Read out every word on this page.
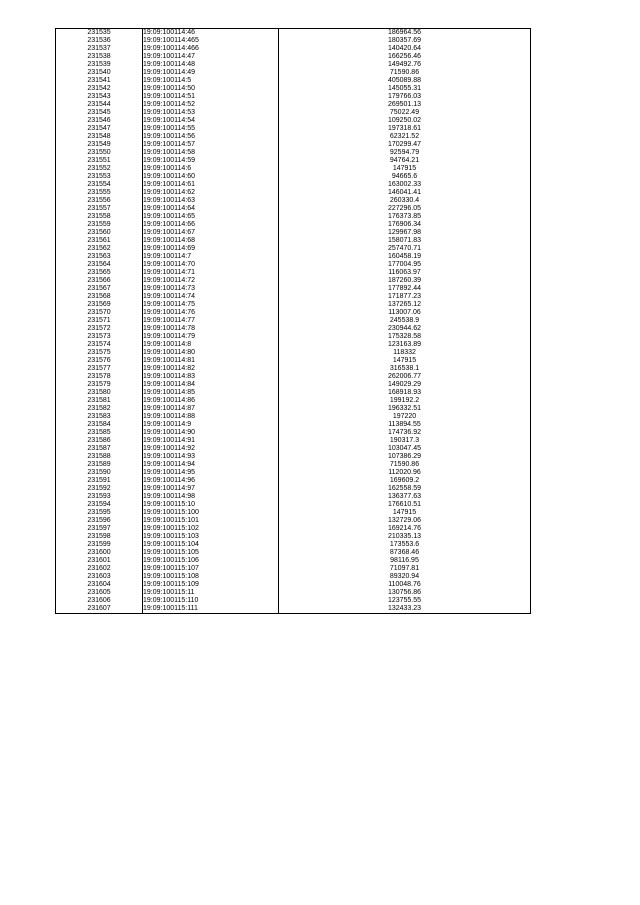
231535	19:09:100114:46	186964.56
231536	19:09:100114:465	180357.69
231537	19:09:100114:466	140420.64
231538	19:09:100114:47	166256.46
231539	19:09:100114:48	149492.76
231540	19:09:100114:49	71590.86
231541	19:09:100114:5	405089.88
231542	19:09:100114:50	145055.31
231543	19:09:100114:51	179766.03
231544	19:09:100114:52	269501.13
231545	19:09:100114:53	75022.49
231546	19:09:100114:54	109250.02
231547	19:09:100114:55	197318.61
231548	19:09:100114:56	62321.52
231549	19:09:100114:57	170299.47
231550	19:09:100114:58	92594.79
231551	19:09:100114:59	94764.21
231552	19:09:100114:6	147915
231553	19:09:100114:60	94665.6
231554	19:09:100114:61	163002.33
231555	19:09:100114:62	146041.41
231556	19:09:100114:63	260330.4
231557	19:09:100114:64	227296.05
231558	19:09:100114:65	176373.85
231559	19:09:100114:66	176906.34
231560	19:09:100114:67	129967.98
231561	19:09:100114:68	158071.83
231562	19:09:100114:69	257470.71
231563	19:09:100114:7	160458.19
231564	19:09:100114:70	177004.95
231565	19:09:100114:71	116063.97
231566	19:09:100114:72	187260.39
231567	19:09:100114:73	177892.44
231568	19:09:100114:74	171877.23
231569	19:09:100114:75	137265.12
231570	19:09:100114:76	113007.06
231571	19:09:100114:77	245538.9
231572	19:09:100114:78	230944.62
231573	19:09:100114:79	175328.58
231574	19:09:100114:8	123163.89
231575	19:09:100114:80	118332
231576	19:09:100114:81	147915
231577	19:09:100114:82	316538.1
231578	19:09:100114:83	262006.77
231579	19:09:100114:84	149029.29
231580	19:09:100114:85	168918.93
231581	19:09:100114:86	199192.2
231582	19:09:100114:87	196332.51
231583	19:09:100114:88	197220
231584	19:09:100114:9	113894.55
231585	19:09:100114:90	174736.92
231586	19:09:100114:91	190317.3
231587	19:09:100114:92	103047.45
231588	19:09:100114:93	107386.29
231589	19:09:100114:94	71590.86
231590	19:09:100114:95	112020.96
231591	19:09:100114:96	169609.2
231592	19:09:100114:97	162558.59
231593	19:09:100114:98	136377.63
231594	19:09:100115:10	176610.51
231595	19:09:100115:100	147915
231596	19:09:100115:101	132729.06
231597	19:09:100115:102	169214.76
231598	19:09:100115:103	210335.13
231599	19:09:100115:104	173553.6
231600	19:09:100115:105	87368.46
231601	19:09:100115:106	98116.95
231602	19:09:100115:107	71097.81
231603	19:09:100115:108	89320.94
231604	19:09:100115:109	110048.76
231605	19:09:100115:11	130756.86
231606	19:09:100115:110	123755.55
231607	19:09:100115:111	132433.23
